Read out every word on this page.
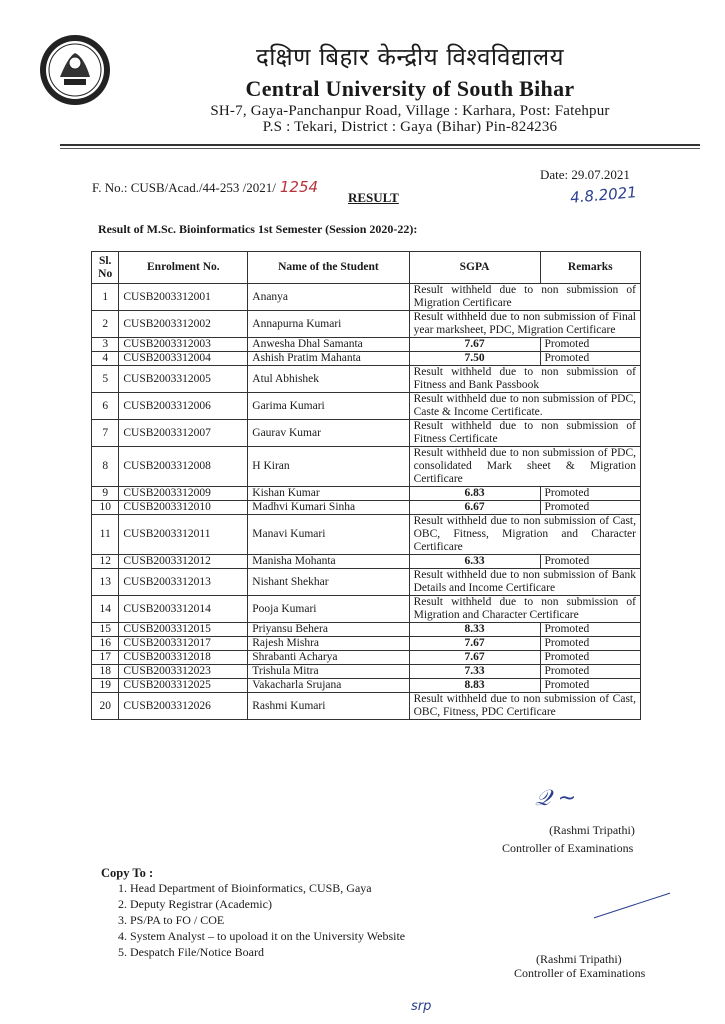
दक्षिण बिहार केन्द्रीय विश्वविद्यालय
Central University of South Bihar
SH-7, Gaya-Panchanpur Road, Village : Karhara, Post: Fatehpur
P.S : Tekari, District : Gaya (Bihar) Pin-824236
F. No.: CUSB/Acad./44-253 /2021/ 1254
Date: 29.07.2021
4.8.2021
RESULT
Result of M.Sc. Bioinformatics 1st Semester (Session 2020-22):
Sl. No	Enrolment No.	Name of the Student	SGPA	Remarks
1	CUSB2003312001	Ananya	Result withheld due to non submission of Migration Certificare	
2	CUSB2003312002	Annapurna Kumari	Result withheld due to non submission of Final year marksheet, PDC, Migration Certificare	
3	CUSB2003312003	Anwesha Dhal Samanta	7.67	Promoted
4	CUSB2003312004	Ashish Pratim Mahanta	7.50	Promoted
5	CUSB2003312005	Atul Abhishek	Result withheld due to non submission of Fitness and Bank Passbook	
6	CUSB2003312006	Garima Kumari	Result withheld due to non submission of PDC, Caste & Income Certificate.	
7	CUSB2003312007	Gaurav Kumar	Result withheld due to non submission of Fitness Certificate	
8	CUSB2003312008	H Kiran	Result withheld due to non submission of PDC, consolidated Mark sheet & Migration Certificare	
9	CUSB2003312009	Kishan Kumar	6.83	Promoted
10	CUSB2003312010	Madhvi Kumari Sinha	6.67	Promoted
11	CUSB2003312011	Manavi Kumari	Result withheld due to non submission of Cast, OBC, Fitness, Migration and Character Certificare	
12	CUSB2003312012	Manisha Mohanta	6.33	Promoted
13	CUSB2003312013	Nishant Shekhar	Result withheld due to non submission of Bank Details and Income Certificare	
14	CUSB2003312014	Pooja Kumari	Result withheld due to non submission of Migration and Character Certificare	
15	CUSB2003312015	Priyansu Behera	8.33	Promoted
16	CUSB2003312017	Rajesh Mishra	7.67	Promoted
17	CUSB2003312018	Shrabanti Acharya	7.67	Promoted
18	CUSB2003312023	Trishula Mitra	7.33	Promoted
19	CUSB2003312025	Vakacharla Srujana	8.83	Promoted
20	CUSB2003312026	Rashmi Kumari	Result withheld due to non submission of Cast, OBC, Fitness, PDC Certificare	
𝒬 ~
(Rashmi Tripathi)
Controller of Examinations
Copy To :
1. Head Department of Bioinformatics, CUSB, Gaya
2. Deputy Registrar (Academic)
3. PS/PA to FO / COE
4. System Analyst – to upoload it on the University Website
5. Despatch File/Notice Board	(Rashmi Tripathi)
Controller of Examinations
srp
